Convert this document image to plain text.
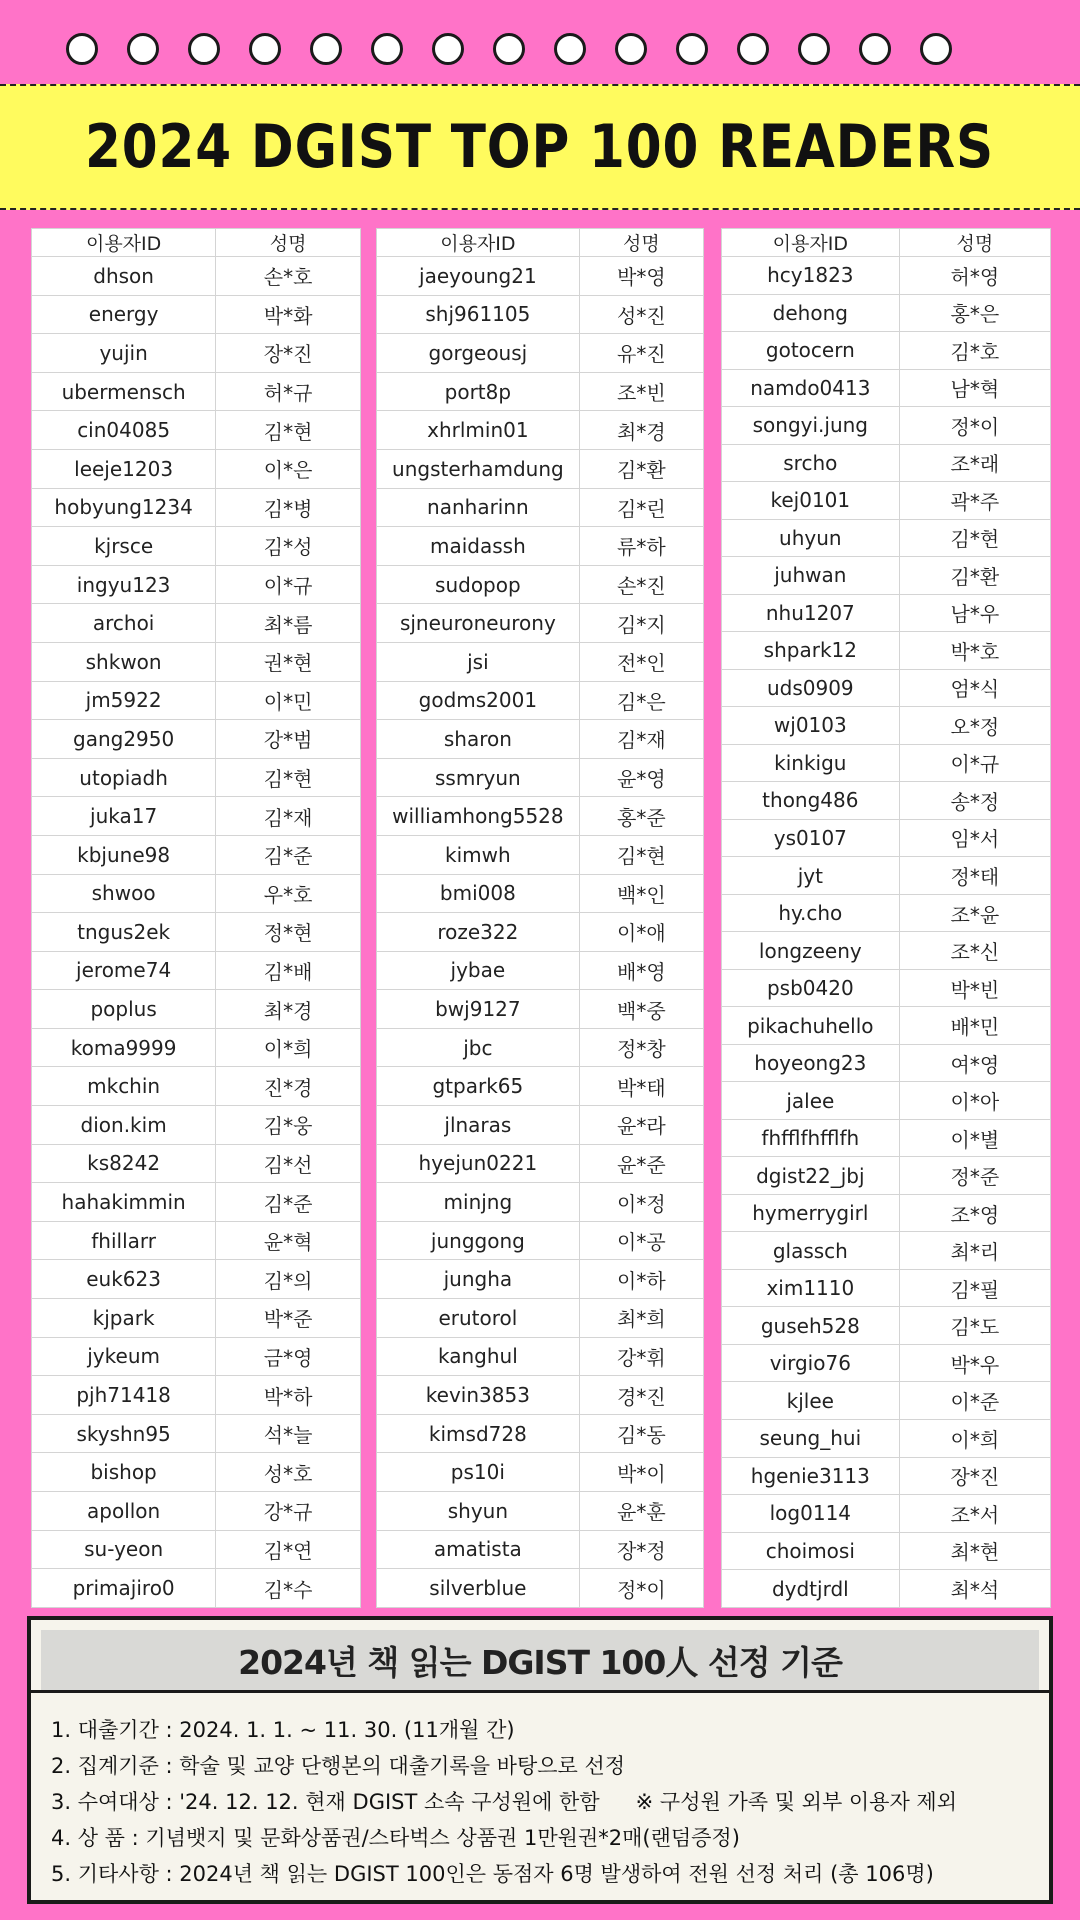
2024 DGIST TOP 100 READERS
이용자ID	성명
dhson	손*호
energy	박*화
yujin	장*진
ubermensch	허*규
cin04085	김*현
leeje1203	이*은
hobyung1234	김*병
kjrsce	김*성
ingyu123	이*규
archoi	최*름
shkwon	권*현
jm5922	이*민
gang2950	강*범
utopiadh	김*현
juka17	김*재
kbjune98	김*준
shwoo	우*호
tngus2ek	정*현
jerome74	김*배
poplus	최*경
koma9999	이*희
mkchin	진*경
dion.kim	김*웅
ks8242	김*선
hahakimmin	김*준
fhillarr	윤*혁
euk623	김*의
kjpark	박*준
jykeum	금*영
pjh71418	박*하
skyshn95	석*늘
bishop	성*호
apollon	강*규
su-yeon	김*연
primajiro0	김*수
이용자ID	성명
jaeyoung21	박*영
shj961105	성*진
gorgeousj	유*진
port8p	조*빈
xhrlmin01	최*경
ungsterhamdung	김*환
nanharinn	김*린
maidassh	류*하
sudopop	손*진
sjneuroneurony	김*지
jsi	전*인
godms2001	김*은
sharon	김*재
ssmryun	윤*영
williamhong5528	홍*준
kimwh	김*현
bmi008	백*인
roze322	이*애
jybae	배*영
bwj9127	백*중
jbc	정*창
gtpark65	박*태
jlnaras	윤*라
hyejun0221	윤*준
minjng	이*정
junggong	이*공
jungha	이*하
erutorol	최*희
kanghul	강*휘
kevin3853	경*진
kimsd728	김*동
ps10i	박*이
shyun	윤*훈
amatista	장*정
silverblue	정*이
이용자ID	성명
hcy1823	허*영
dehong	홍*은
gotocern	김*호
namdo0413	남*혁
songyi.jung	정*이
srcho	조*래
kej0101	곽*주
uhyun	김*현
juhwan	김*환
nhu1207	남*우
shpark12	박*호
uds0909	엄*식
wj0103	오*정
kinkigu	이*규
thong486	송*정
ys0107	임*서
jyt	정*태
hy.cho	조*윤
longzeeny	조*신
psb0420	박*빈
pikachuhello	배*민
hoyeong23	여*영
jalee	이*아
fhfflfhfflfh	이*별
dgist22_jbj	정*준
hymerrygirl	조*영
glassch	최*리
xim1110	김*필
guseh528	김*도
virgio76	박*우
kjlee	이*준
seung_hui	이*희
hgenie3113	장*진
log0114	조*서
choimosi	최*현
dydtjrdl	최*석
2024년 책 읽는 DGIST 100人 선정 기준
1. 대출기간 : 2024. 1. 1. ~ 11. 30. (11개월 간)
2. 집계기준 : 학술 및 교양 단행본의 대출기록을 바탕으로 선정
3. 수여대상 : '24. 12. 12. 현재 DGIST 소속 구성원에 한함 ※ 구성원 가족 및 외부 이용자 제외
4. 상 품 : 기념뱃지 및 문화상품권/스타벅스 상품권 1만원권*2매(랜덤증정)
5. 기타사항 : 2024년 책 읽는 DGIST 100인은 동점자 6명 발생하여 전원 선정 처리 (총 106명)
